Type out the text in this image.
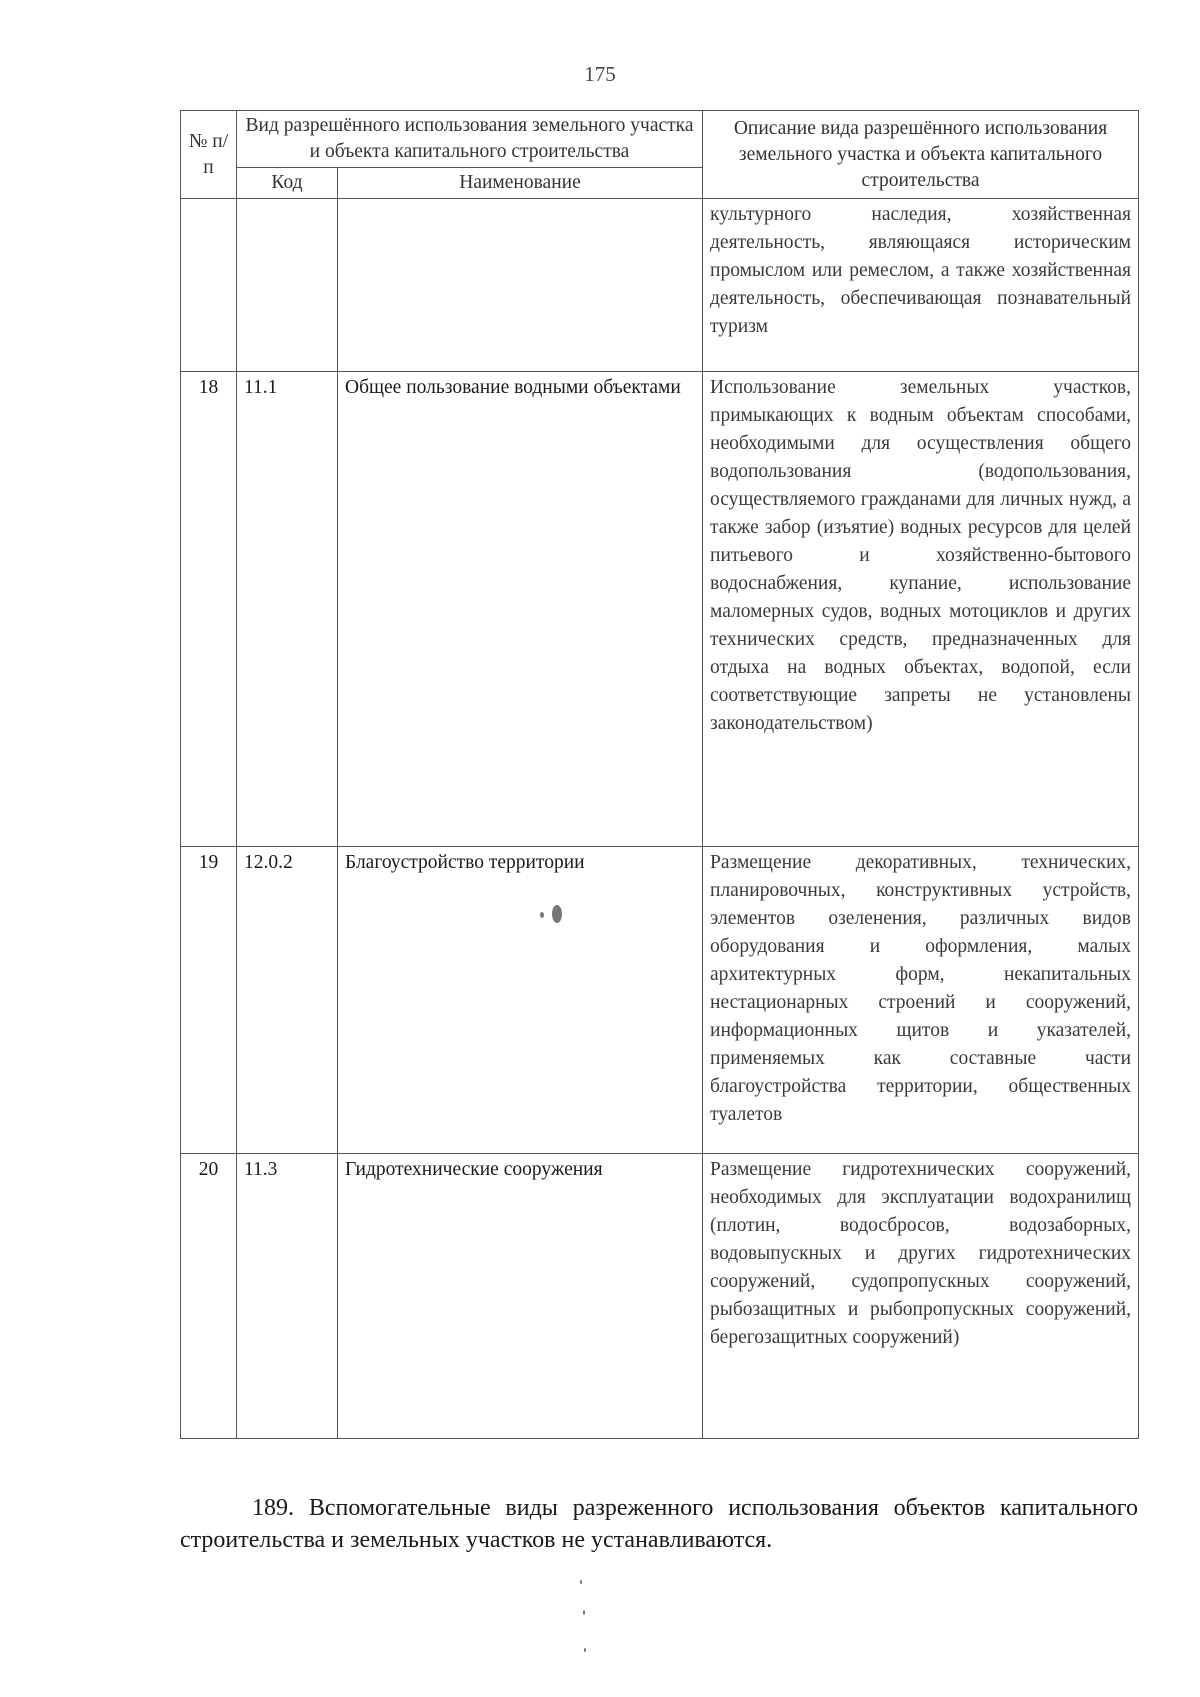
175
№ п/п	Вид разрешённого использования земельного участка и объекта капитального строительства		Описание вида разрешённого использования земельного участка и объекта капитального строительства
	Код	Наименование	
			культурного наследия, хозяйственная деятельность, являющаяся историческим промыслом или ремеслом, а также хозяйственная деятельность, обеспечивающая познавательный туризм
18	11.1	Общее пользование водными объектами	Использование земельных участков, примыкающих к водным объектам способами, необходимыми для осуществления общего водопользования (водопользования, осуществляемого гражданами для личных нужд, а также забор (изъятие) водных ресурсов для целей питьевого и хозяйственно-бытового водоснабжения, купание, использование маломерных судов, водных мотоциклов и других технических средств, предназначенных для отдыха на водных объектах, водопой, если соответствующие запреты не установлены законодательством)
19	12.0.2	Благоустройство территории	Размещение декоративных, технических, планировочных, конструктивных устройств, элементов озеленения, различных видов оборудования и оформления, малых архитектурных форм, некапитальных нестационарных строений и сооружений, информационных щитов и указателей, применяемых как составные части благоустройства территории, общественных туалетов
20	11.3	Гидротехнические сооружения	Размещение гидротехнических сооружений, необходимых для эксплуатации водохранилищ (плотин, водосбросов, водозаборных, водовыпускных и других гидротехнических сооружений, судопропускных сооружений, рыбозащитных и рыбопропускных сооружений, берегозащитных сооружений)
189. Вспомогательные виды разреженного использования объектов капитального строительства и земельных участков не устанавливаются.
